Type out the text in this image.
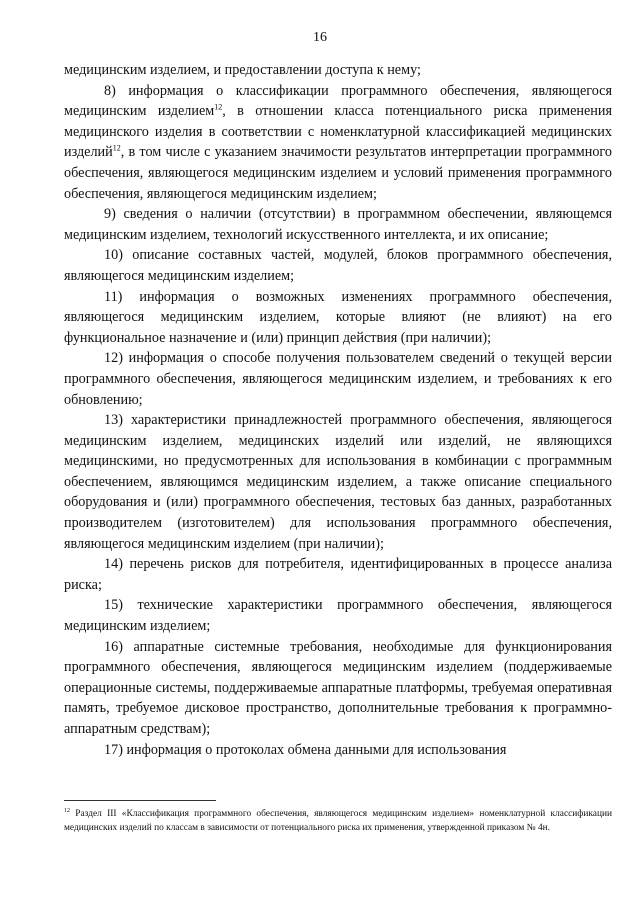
16

медицинским изделием, и предоставлении доступа к нему;

8) информация о классификации программного обеспечения, являющегося медицинским изделием$^{12}$, в отношении класса потенциального риска применения медицинского изделия в соответствии с номенклатурной классификацией медицинских изделий$^{12}$, в том числе с указанием значимости результатов интерпретации программного обеспечения, являющегося медицинским изделием и условий применения программного обеспечения, являющегося медицинским изделием;

9) сведения о наличии (отсутствии) в программном обеспечении, являющемся медицинским изделием, технологий искусственного интеллекта, и их описание;

10) описание составных частей, модулей, блоков программного обеспечения, являющегося медицинским изделием;

11) информация о возможных изменениях программного обеспечения, являющегося медицинским изделием, которые влияют (не влияют) на его функциональное назначение и (или) принцип действия (при наличии);

12) информация о способе получения пользователем сведений о текущей версии программного обеспечения, являющегося медицинским изделием, и требованиях к его обновлению;

13) характеристики принадлежностей программного обеспечения, являющегося медицинским изделием, медицинских изделий или изделий, не являющихся медицинскими, но предусмотренных для использования в комбинации с программным обеспечением, являющимся медицинским изделием, а также описание специального оборудования и (или) программного обеспечения, тестовых баз данных, разработанных производителем (изготовителем) для использования программного обеспечения, являющегося медицинским изделием (при наличии);

14) перечень рисков для потребителя, идентифицированных в процессе анализа риска;

15) технические характеристики программного обеспечения, являющегося медицинским изделием;

16) аппаратные системные требования, необходимые для функционирования программного обеспечения, являющегося медицинским изделием (поддерживаемые операционные системы, поддерживаемые аппаратные платформы, требуемая оперативная память, требуемое дисковое пространство, дополнительные требования к программно-аппаратным средствам);

17) информация о протоколах обмена данными для использования

$^{12}$ Раздел III «Классификация программного обеспечения, являющегося медицинским изделием» номенклатурной классификации медицинских изделий по классам в зависимости от потенциального риска их применения, утвержденной приказом № 4н.
